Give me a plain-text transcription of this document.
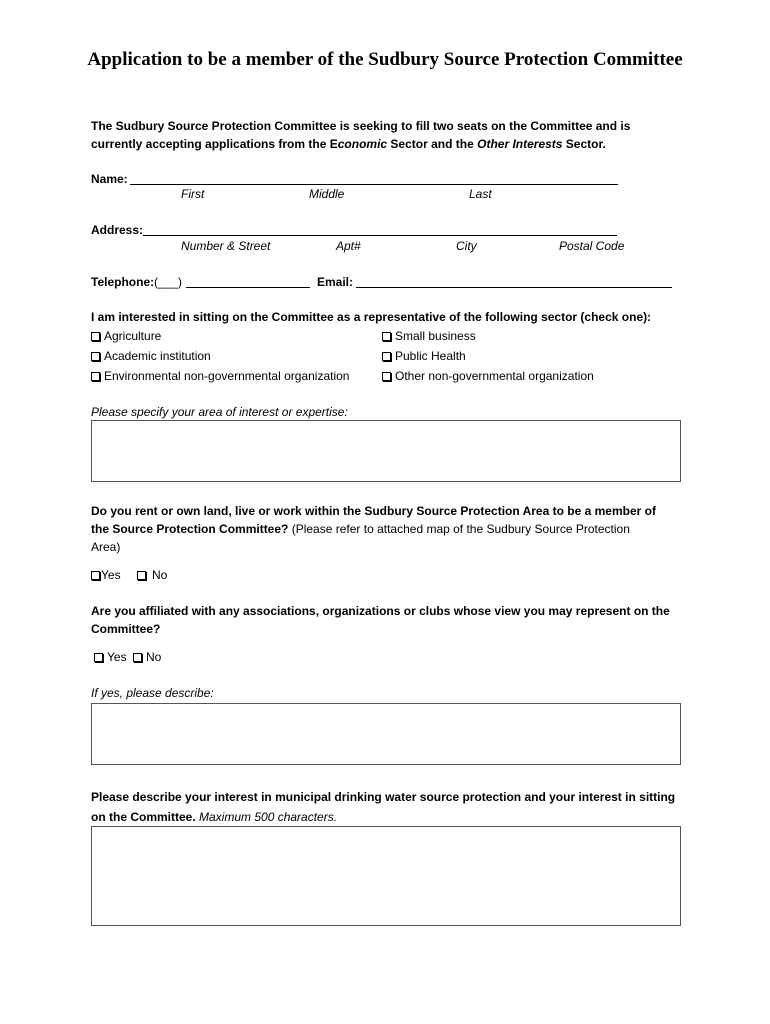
Application to be a member of the Sudbury Source Protection Committee
The Sudbury Source Protection Committee is seeking to fill two seats on the Committee and is
currently accepting applications from the Economic Sector and the Other Interests Sector.
Name:
First	Middle	Last
Address:
Number & Street	Apt#	City	Postal Code
Telephone: (___)	Email:
I am interested in sitting on the Committee as a representative of the following sector (check one):
Agriculture	Small business
Academic institution	Public Health
Environmental non-governmental organization	Other non-governmental organization
Please specify your area of interest or expertise:
Do you rent or own land, live or work within the Sudbury Source Protection Area to be a member of
the Source Protection Committee? (Please refer to attached map of the Sudbury Source Protection
Area)
Yes	No
Are you affiliated with any associations, organizations or clubs whose view you may represent on the
Committee?
Yes	No
If yes, please describe:
Please describe your interest in municipal drinking water source protection and your interest in sitting
on the Committee. Maximum 500 characters.
